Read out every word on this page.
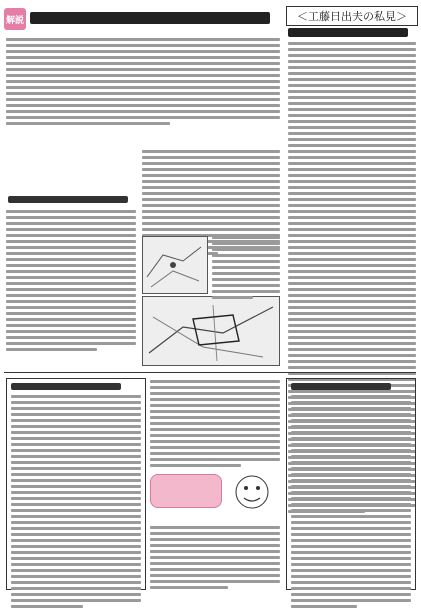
解説	＜工藤日出夫の私見＞
